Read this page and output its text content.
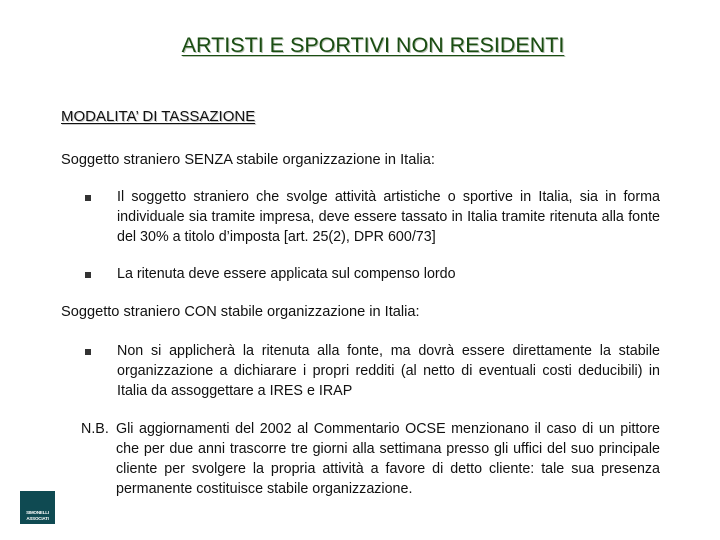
ARTISTI E SPORTIVI NON RESIDENTI
MODALITA’ DI TASSAZIONE
Soggetto straniero SENZA stabile organizzazione in Italia:
Il soggetto straniero che svolge attività artistiche o sportive in Italia, sia in forma individuale sia tramite impresa, deve essere tassato in Italia tramite ritenuta alla fonte del 30% a titolo d’imposta [art. 25(2), DPR 600/73]
La ritenuta deve essere applicata sul compenso lordo
Soggetto straniero CON stabile organizzazione in Italia:
Non si applicherà la ritenuta alla fonte, ma dovrà essere direttamente la stabile organizzazione a dichiarare i propri redditi (al netto di eventuali costi deducibili) in Italia da assoggettare a IRES e IRAP
N.B. Gli aggiornamenti del 2002 al Commentario OCSE menzionano il caso di un pittore che per due anni trascorre tre giorni alla settimana presso gli uffici del suo principale cliente per svolgere la propria attività a favore di detto cliente: tale sua presenza permanente costituisce stabile organizzazione.
SIMONELLI
ASSOCIATI
